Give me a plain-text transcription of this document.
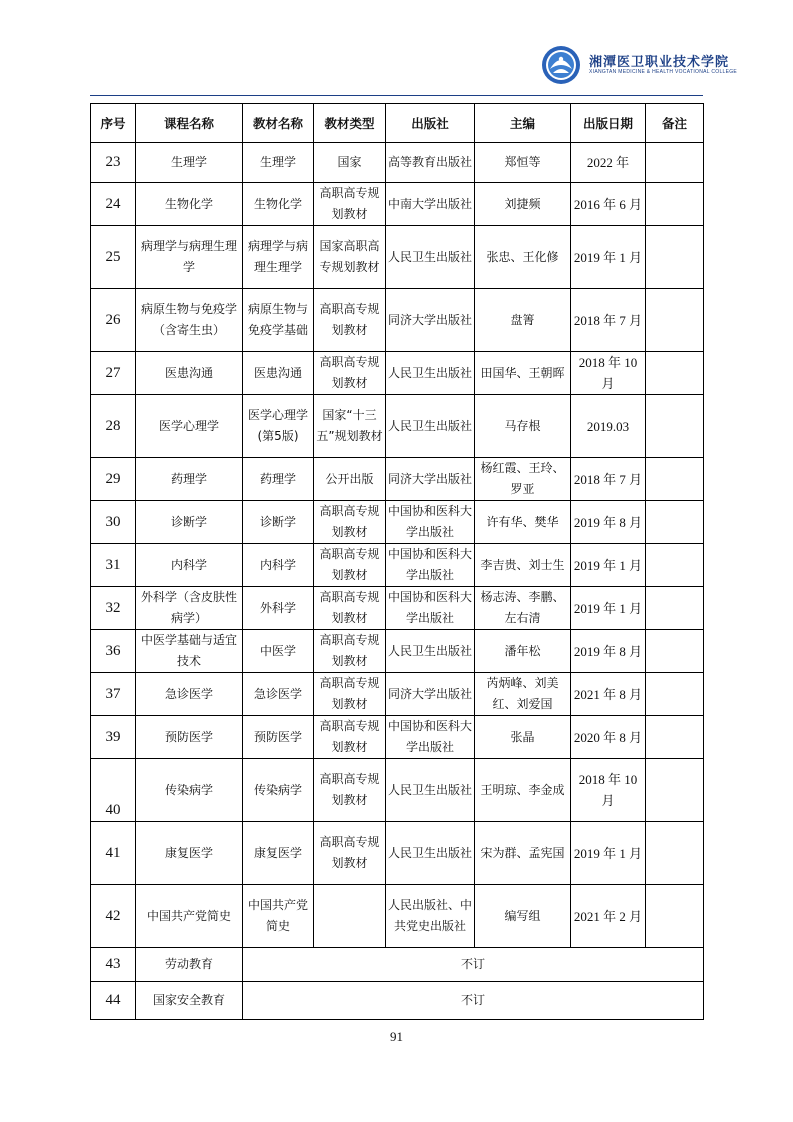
湘潭医卫职业技术学院
XIANGTAN MEDICINE & HEALTH VOCATIONAL COLLEGE
序号	课程名称	教材名称	教材类型	出版社	主编	出版日期	备注
23	生理学	生理学	国家	高等教育出版社	郑恒等	2022 年	
24	生物化学	生物化学	高职高专规划教材	中南大学出版社	刘捷频	2016 年 6 月	
25	病理学与病理生理学	病理学与病理生理学	国家高职高专规划教材	人民卫生出版社	张忠、王化修	2019 年 1 月	
26	病原生物与免疫学（含寄生虫）	病原生物与免疫学基础	高职高专规划教材	同济大学出版社	盘箐	2018 年 7 月	
27	医患沟通	医患沟通	高职高专规划教材	人民卫生出版社	田国华、王朝晖	2018 年 10 月	
28	医学心理学	医学心理学(第5版)	国家“十三五”规划教材	人民卫生出版社	马存根	2019.03	
29	药理学	药理学	公开出版	同济大学出版社	杨红霞、王玲、罗亚	2018 年 7 月	
30	诊断学	诊断学	高职高专规划教材	中国协和医科大学出版社	许有华、樊华	2019 年 8 月	
31	内科学	内科学	高职高专规划教材	中国协和医科大学出版社	李吉贵、刘士生	2019 年 1 月	
32	外科学（含皮肤性病学）	外科学	高职高专规划教材	中国协和医科大学出版社	杨志涛、李鹏、左右清	2019 年 1 月	
36	中医学基础与适宜技术	中医学	高职高专规划教材	人民卫生出版社	潘年松	2019 年 8 月	
37	急诊医学	急诊医学	高职高专规划教材	同济大学出版社	芮炳峰、刘美红、刘爱国	2021 年 8 月	
39	预防医学	预防医学	高职高专规划教材	中国协和医科大学出版社	张晶	2020 年 8 月	
40	传染病学	传染病学	高职高专规划教材	人民卫生出版社	王明琼、李金成	2018 年 10 月	
41	康复医学	康复医学	高职高专规划教材	人民卫生出版社	宋为群、孟宪国	2019 年 1 月	
42	中国共产党简史	中国共产党简史		人民出版社、中共党史出版社	编写组	2021 年 2 月	
43	劳动教育	不订					
44	国家安全教育	不订					
91
